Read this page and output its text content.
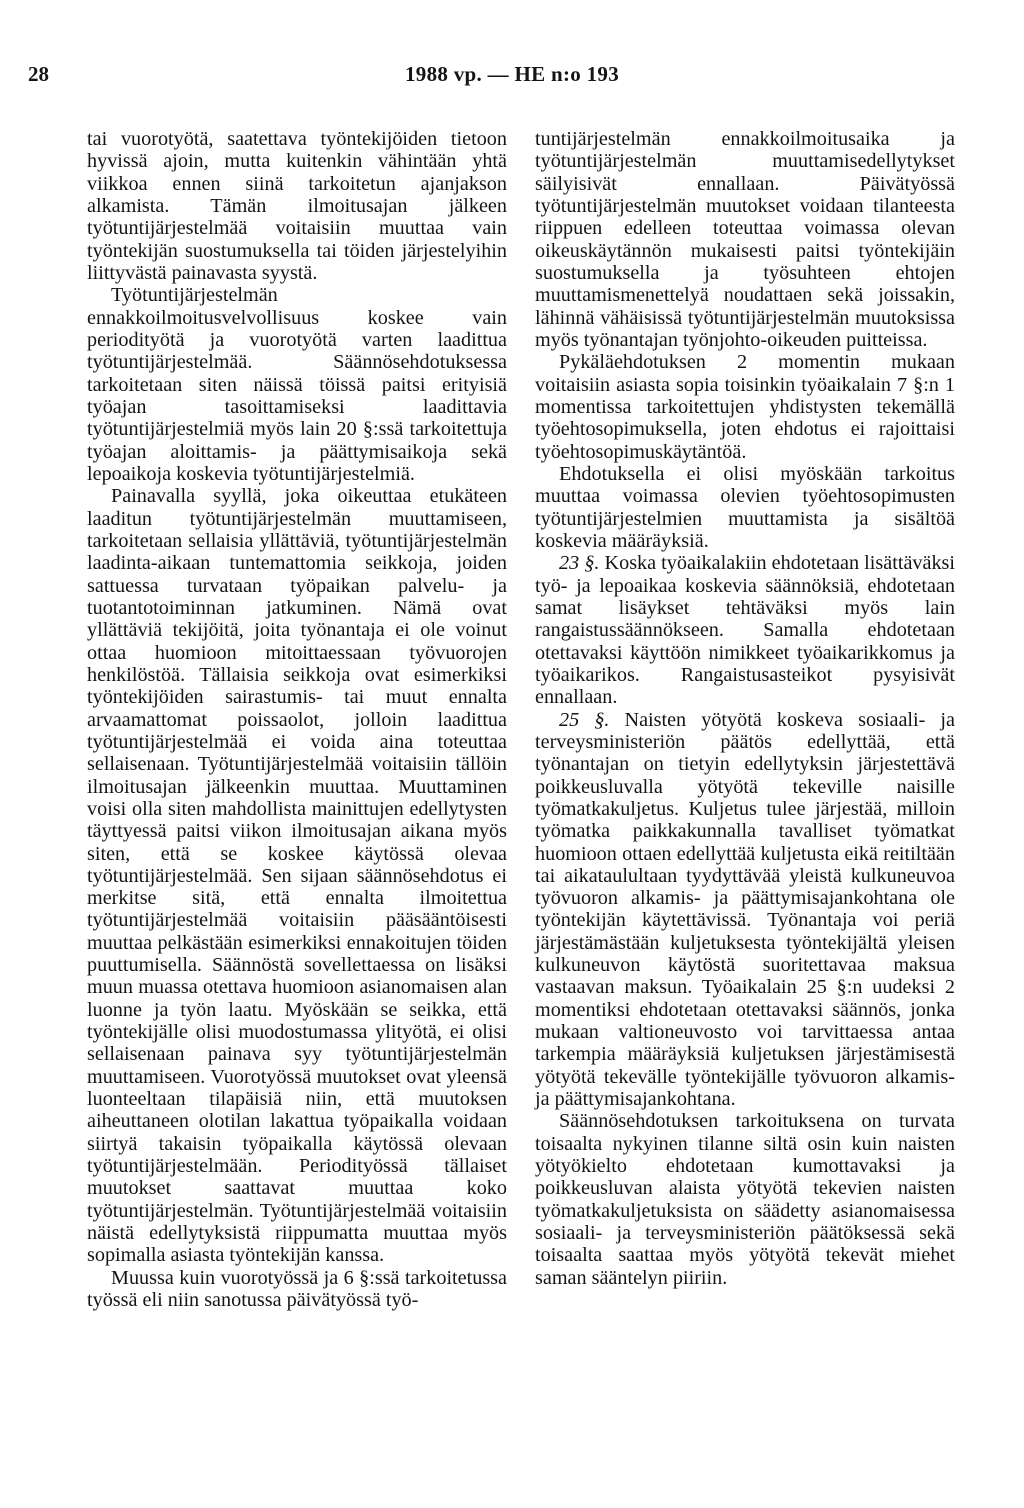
28	1988 vp. — HE n:o 193

tai vuorotyötä, saatettava työntekijöiden tietoon hyvissä ajoin, mutta kuitenkin vähintään yhtä viikkoa ennen siinä tarkoitetun ajanjakson alkamista. Tämän ilmoitusajan jälkeen työtuntijärjestelmää voitaisiin muuttaa vain työntekijän suostumuksella tai töiden järjestelyihin liittyvästä painavasta syystä.

Työtuntijärjestelmän ennakkoilmoitusvelvollisuus koskee vain periodityötä ja vuorotyötä varten laadittua työtuntijärjestelmää. Säännösehdotuksessa tarkoitetaan siten näissä töissä paitsi erityisiä työajan tasoittamiseksi laadittavia työtuntijärjestelmiä myös lain 20 §:ssä tarkoitettuja työajan aloittamis- ja päättymisaikoja sekä lepoaikoja koskevia työtuntijärjestelmiä.

Painavalla syyllä, joka oikeuttaa etukäteen laaditun työtuntijärjestelmän muuttamiseen, tarkoitetaan sellaisia yllättäviä, työtuntijärjestelmän laadinta-aikaan tuntemattomia seikkoja, joiden sattuessa turvataan työpaikan palvelu- ja tuotantotoiminnan jatkuminen. Nämä ovat yllättäviä tekijöitä, joita työnantaja ei ole voinut ottaa huomioon mitoittaessaan työvuorojen henkilöstöä. Tällaisia seikkoja ovat esimerkiksi työntekijöiden sairastumis- tai muut ennalta arvaamattomat poissaolot, jolloin laadittua työtuntijärjestelmää ei voida aina toteuttaa sellaisenaan. Työtuntijärjestelmää voitaisiin tällöin ilmoitusajan jälkeenkin muuttaa. Muuttaminen voisi olla siten mahdollista mainittujen edellytysten täyttyessä paitsi viikon ilmoitusajan aikana myös siten, että se koskee käytössä olevaa työtuntijärjestelmää. Sen sijaan säännösehdotus ei merkitse sitä, että ennalta ilmoitettua työtuntijärjestelmää voitaisiin pääsääntöisesti muuttaa pelkästään esimerkiksi ennakoitujen töiden puuttumisella. Säännöstä sovellettaessa on lisäksi muun muassa otettava huomioon asianomaisen alan luonne ja työn laatu. Myöskään se seikka, että työntekijälle olisi muodostumassa ylityötä, ei olisi sellaisenaan painava syy työtuntijärjestelmän muuttamiseen. Vuorotyössä muutokset ovat yleensä luonteeltaan tilapäisiä niin, että muutoksen aiheuttaneen olotilan lakattua työpaikalla voidaan siirtyä takaisin työpaikalla käytössä olevaan työtuntijärjestelmään. Periodityössä tällaiset muutokset saattavat muuttaa koko työtuntijärjestelmän. Työtuntijärjestelmää voitaisiin näistä edellytyksistä riippumatta muuttaa myös sopimalla asiasta työntekijän kanssa.

Muussa kuin vuorotyössä ja 6 §:ssä tarkoitetussa työssä eli niin sanotussa päivätyössä työ-

tuntijärjestelmän ennakkoilmoitusaika ja työtuntijärjestelmän muuttamisedellytykset säilyisivät ennallaan. Päivätyössä työtuntijärjestelmän muutokset voidaan tilanteesta riippuen edelleen toteuttaa voimassa olevan oikeuskäytännön mukaisesti paitsi työntekijäin suostumuksella ja työsuhteen ehtojen muuttamismenettelyä noudattaen sekä joissakin, lähinnä vähäisissä työtuntijärjestelmän muutoksissa myös työnantajan työnjohto-oikeuden puitteissa.

Pykäläehdotuksen 2 momentin mukaan voitaisiin asiasta sopia toisinkin työaikalain 7 §:n 1 momentissa tarkoitettujen yhdistysten tekemällä työehtosopimuksella, joten ehdotus ei rajoittaisi työehtosopimuskäytäntöä.

Ehdotuksella ei olisi myöskään tarkoitus muuttaa voimassa olevien työehtosopimusten työtuntijärjestelmien muuttamista ja sisältöä koskevia määräyksiä.

23 §. Koska työaikalakiin ehdotetaan lisättäväksi työ- ja lepoaikaa koskevia säännöksiä, ehdotetaan samat lisäykset tehtäväksi myös lain rangaistussäännökseen. Samalla ehdotetaan otettavaksi käyttöön nimikkeet työaikarikkomus ja työaikarikos. Rangaistusasteikot pysyisivät ennallaan.

25 §. Naisten yötyötä koskeva sosiaali- ja terveysministeriön päätös edellyttää, että työnantajan on tietyin edellytyksin järjestettävä poikkeusluvalla yötyötä tekeville naisille työmatkakuljetus. Kuljetus tulee järjestää, milloin työmatka paikkakunnalla tavalliset työmatkat huomioon ottaen edellyttää kuljetusta eikä reitiltään tai aikataulultaan tyydyttävää yleistä kulkuneuvoa työvuoron alkamis- ja päättymisajankohtana ole työntekijän käytettävissä. Työnantaja voi periä järjestämästään kuljetuksesta työntekijältä yleisen kulkuneuvon käytöstä suoritettavaa maksua vastaavan maksun. Työaikalain 25 §:n uudeksi 2 momentiksi ehdotetaan otettavaksi säännös, jonka mukaan valtioneuvosto voi tarvittaessa antaa tarkempia määräyksiä kuljetuksen järjestämisestä yötyötä tekevälle työntekijälle työvuoron alkamis- ja päättymisajankohtana.

Säännösehdotuksen tarkoituksena on turvata toisaalta nykyinen tilanne siltä osin kuin naisten yötyökielto ehdotetaan kumottavaksi ja poikkeusluvan alaista yötyötä tekevien naisten työmatkakuljetuksista on säädetty asianomaisessa sosiaali- ja terveysministeriön päätöksessä sekä toisaalta saattaa myös yötyötä tekevät miehet saman sääntelyn piiriin.
